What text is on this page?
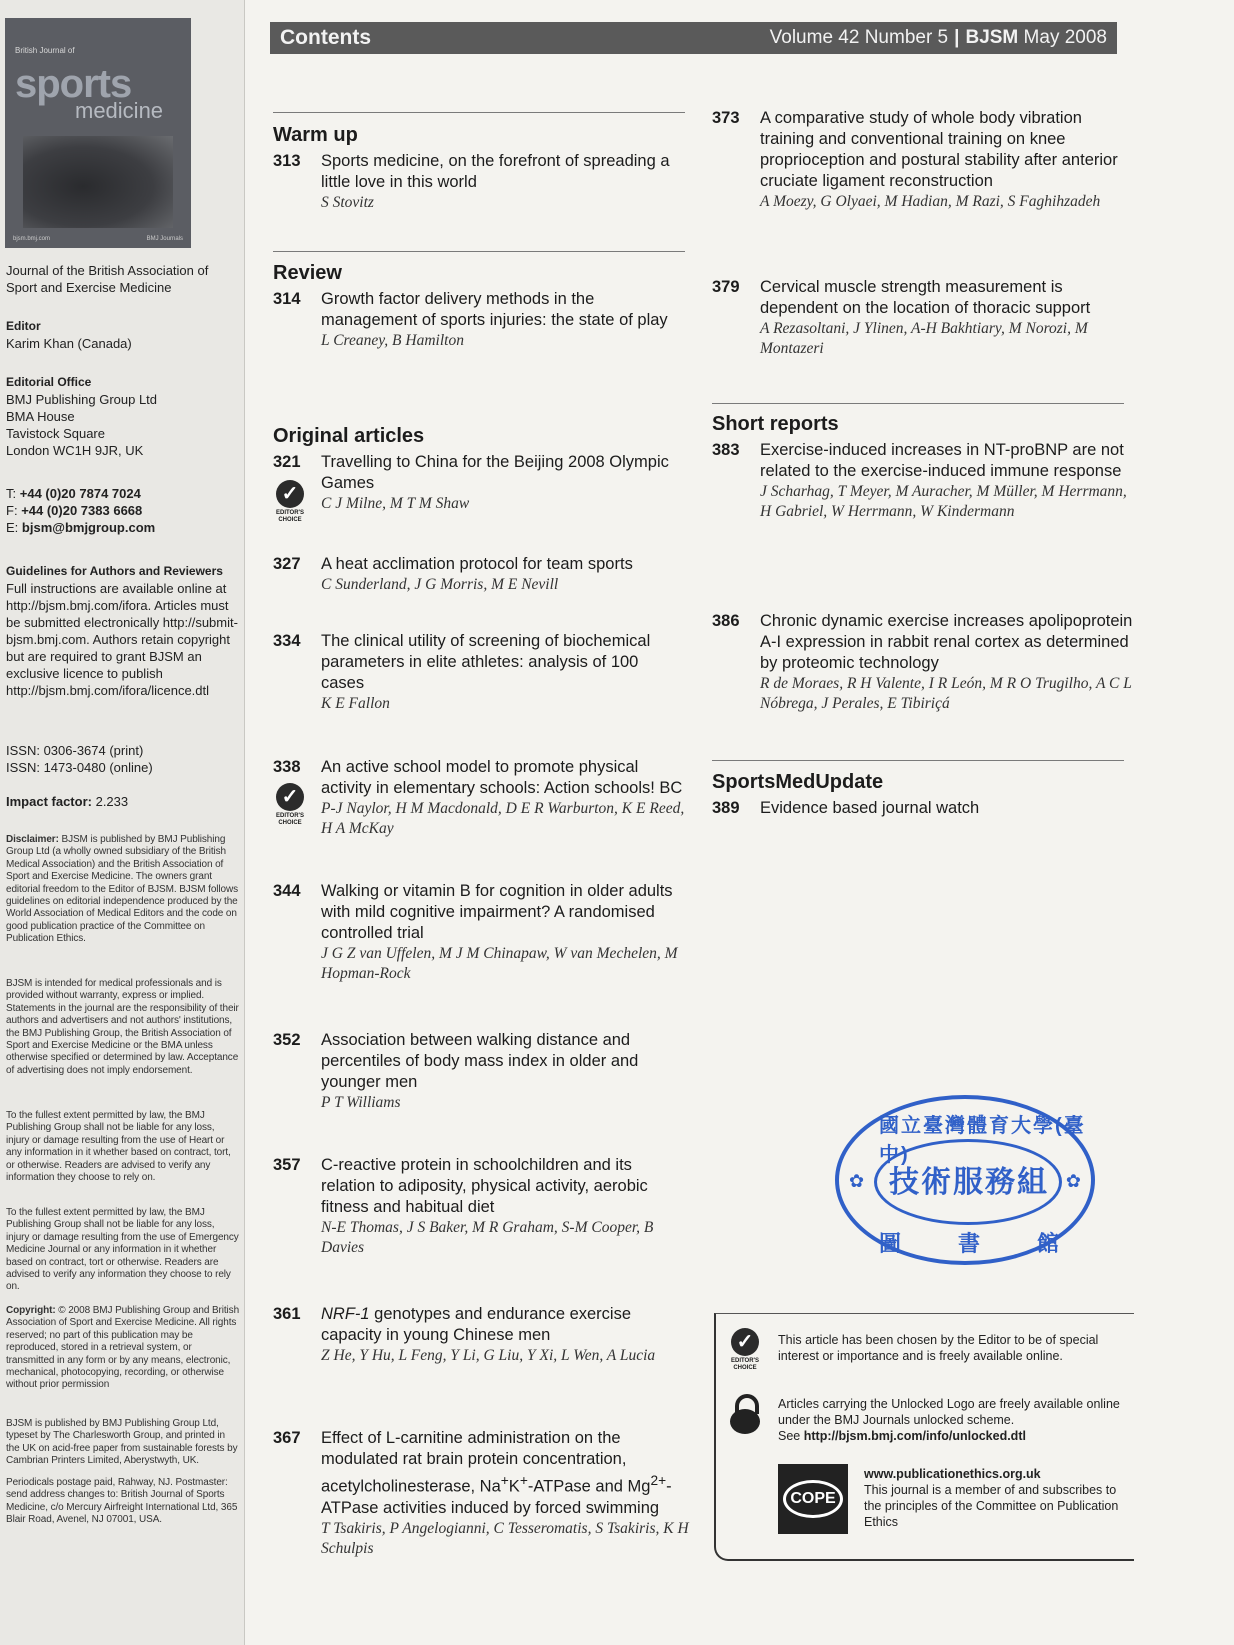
British Journal of
sports
medicine
bjsm.bmj.com	BMJ Journals
Journal of the British Association of Sport and Exercise Medicine
Editor
Karim Khan (Canada)
Editorial Office
BMJ Publishing Group Ltd
BMA House
Tavistock Square
London WC1H 9JR, UK
T: +44 (0)20 7874 7024
F: +44 (0)20 7383 6668
E: bjsm@bmjgroup.com
Guidelines for Authors and Reviewers
Full instructions are available online at http://bjsm.bmj.com/ifora. Articles must be submitted electronically http://submit-bjsm.bmj.com. Authors retain copyright but are required to grant BJSM an exclusive licence to publish http://bjsm.bmj.com/ifora/licence.dtl
ISSN: 0306-3674 (print)
ISSN: 1473-0480 (online)
Impact factor: 2.233
Disclaimer: BJSM is published by BMJ Publishing Group Ltd (a wholly owned subsidiary of the British Medical Association) and the British Association of Sport and Exercise Medicine. The owners grant editorial freedom to the Editor of BJSM. BJSM follows guidelines on editorial independence produced by the World Association of Medical Editors and the code on good publication practice of the Committee on Publication Ethics.
BJSM is intended for medical professionals and is provided without warranty, express or implied. Statements in the journal are the responsibility of their authors and advertisers and not authors' institutions, the BMJ Publishing Group, the British Association of Sport and Exercise Medicine or the BMA unless otherwise specified or determined by law. Acceptance of advertising does not imply endorsement.
To the fullest extent permitted by law, the BMJ Publishing Group shall not be liable for any loss, injury or damage resulting from the use of Heart or any information in it whether based on contract, tort, or otherwise. Readers are advised to verify any information they choose to rely on.
To the fullest extent permitted by law, the BMJ Publishing Group shall not be liable for any loss, injury or damage resulting from the use of Emergency Medicine Journal or any information in it whether based on contract, tort or otherwise. Readers are advised to verify any information they choose to rely on.
Copyright: © 2008 BMJ Publishing Group and British Association of Sport and Exercise Medicine. All rights reserved; no part of this publication may be reproduced, stored in a retrieval system, or transmitted in any form or by any means, electronic, mechanical, photocopying, recording, or otherwise without prior permission
BJSM is published by BMJ Publishing Group Ltd, typeset by The Charlesworth Group, and printed in the UK on acid-free paper from sustainable forests by Cambrian Printers Limited, Aberystwyth, UK.
Periodicals postage paid, Rahway, NJ. Postmaster: send address changes to: British Journal of Sports Medicine, c/o Mercury Airfreight International Ltd, 365 Blair Road, Avenel, NJ 07001, USA.
Contents	Volume 42 Number 5 | BJSM May 2008
Warm up
313	Sports medicine, on the forefront of spreading a little love in this world
S Stovitz
Review
314	Growth factor delivery methods in the management of sports injuries: the state of play
L Creaney, B Hamilton
Original articles
321	Travelling to China for the Beijing 2008 Olympic Games
C J Milne, M T M Shaw
✓
EDITOR'S
CHOICE
327	A heat acclimation protocol for team sports
C Sunderland, J G Morris, M E Nevill
334	The clinical utility of screening of biochemical parameters in elite athletes: analysis of 100 cases
K E Fallon
338	An active school model to promote physical activity in elementary schools: Action schools! BC
P-J Naylor, H M Macdonald, D E R Warburton, K E Reed, H A McKay
✓
EDITOR'S
CHOICE
344	Walking or vitamin B for cognition in older adults with mild cognitive impairment? A randomised controlled trial
J G Z van Uffelen, M J M Chinapaw, W van Mechelen, M Hopman-Rock
352	Association between walking distance and percentiles of body mass index in older and younger men
P T Williams
357	C-reactive protein in schoolchildren and its relation to adiposity, physical activity, aerobic fitness and habitual diet
N-E Thomas, J S Baker, M R Graham, S-M Cooper, B Davies
361	NRF-1 genotypes and endurance exercise capacity in young Chinese men
Z He, Y Hu, L Feng, Y Li, G Liu, Y Xi, L Wen, A Lucia
367	Effect of L-carnitine administration on the modulated rat brain protein concentration, acetylcholinesterase, Na+K+-ATPase and $Mg^{2+}$-ATPase activities induced by forced swimming
T Tsakiris, P Angelogianni, C Tesseromatis, S Tsakiris, K H Schulpis
373	A comparative study of whole body vibration training and conventional training on knee proprioception and postural stability after anterior cruciate ligament reconstruction
A Moezy, G Olyaei, M Hadian, M Razi, S Faghihzadeh
379	Cervical muscle strength measurement is dependent on the location of thoracic support
A Rezasoltani, J Ylinen, A-H Bakhtiary, M Norozi, M Montazeri
Short reports
383	Exercise-induced increases in NT-proBNP are not related to the exercise-induced immune response
J Scharhag, T Meyer, M Auracher, M Müller, M Herrmann, H Gabriel, W Herrmann, W Kindermann
386	Chronic dynamic exercise increases apolipoprotein A-I expression in rabbit renal cortex as determined by proteomic technology
R de Moraes, R H Valente, I R León, M R O Trugilho, A C L Nóbrega, J Perales, E Tibiriçá
SportsMedUpdate
389	Evidence based journal watch
國立臺灣體育大學(臺中)
✿	✿
技術服務組
圖	書	館
✓
EDITOR'S
CHOICE
This article has been chosen by the Editor to be of special interest or importance and is freely available online.
Articles carrying the Unlocked Logo are freely available online under the BMJ Journals unlocked scheme.
See http://bjsm.bmj.com/info/unlocked.dtl
COPE
www.publicationethics.org.uk
This journal is a member of and subscribes to the principles of the Committee on Publication Ethics
